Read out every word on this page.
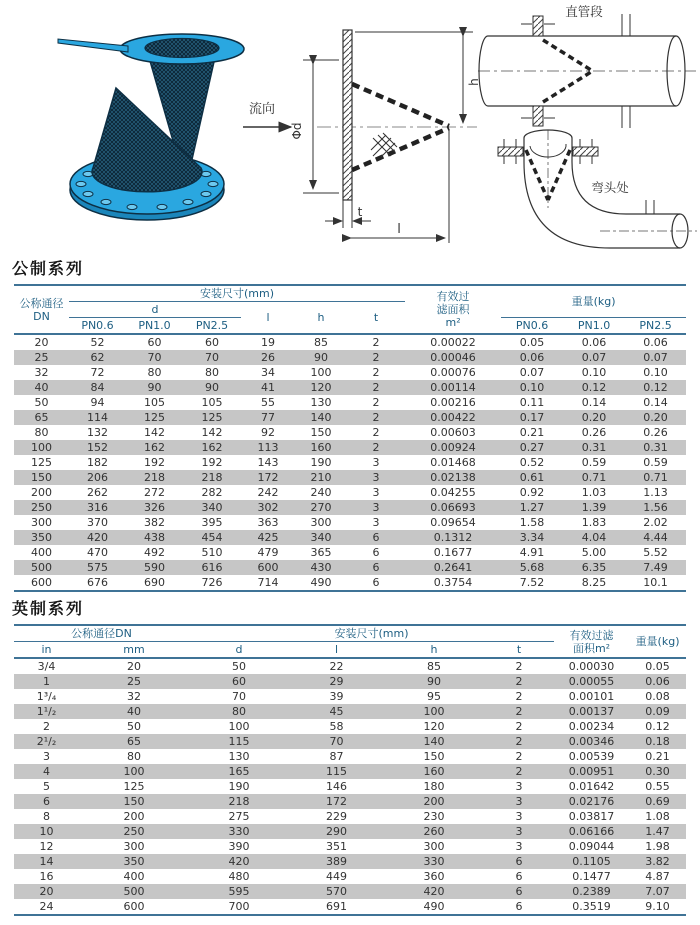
流向
Φd
h
t
l
直管段
弯头处
公制系列
公称通径
DN
	安装尺寸(mm)	有效过
滤面积
m²
	重量(kg)
	d			l	h	t				
	PN0.6	PN1.0	PN2.5					PN0.6	PN1.0	PN2.5
20	52	60	60	19	85	2	0.00022	0.05	0.06	0.06
25	62	70	70	26	90	2	0.00046	0.06	0.07	0.07
32	72	80	80	34	100	2	0.00076	0.07	0.10	0.10
40	84	90	90	41	120	2	0.00114	0.10	0.12	0.12
50	94	105	105	55	130	2	0.00216	0.11	0.14	0.14
65	114	125	125	77	140	2	0.00422	0.17	0.20	0.20
80	132	142	142	92	150	2	0.00603	0.21	0.26	0.26
100	152	162	162	113	160	2	0.00924	0.27	0.31	0.31
125	182	192	192	143	190	3	0.01468	0.52	0.59	0.59
150	206	218	218	172	210	3	0.02138	0.61	0.71	0.71
200	262	272	282	242	240	3	0.04255	0.92	1.03	1.13
250	316	326	340	302	270	3	0.06693	1.27	1.39	1.56
300	370	382	395	363	300	3	0.09654	1.58	1.83	2.02
350	420	438	454	425	340	6	0.1312	3.34	4.04	4.44
400	470	492	510	479	365	6	0.1677	4.91	5.00	5.52
500	575	590	616	600	430	6	0.2641	5.68	6.35	7.49
600	676	690	726	714	490	6	0.3754	7.52	8.25	10.1
英制系列
公称通径DN		安装尺寸(mm)				有效过滤
面积m²	重量(kg)
in	mm	d	l	h	t		
3/4	20	50	22	85	2	0.00030	0.05
1	25	60	29	90	2	0.00055	0.06
1³/₄	32	70	39	95	2	0.00101	0.08
1¹/₂	40	80	45	100	2	0.00137	0.09
2	50	100	58	120	2	0.00234	0.12
2¹/₂	65	115	70	140	2	0.00346	0.18
3	80	130	87	150	2	0.00539	0.21
4	100	165	115	160	2	0.00951	0.30
5	125	190	146	180	3	0.01642	0.55
6	150	218	172	200	3	0.02176	0.69
8	200	275	229	230	3	0.03817	1.08
10	250	330	290	260	3	0.06166	1.47
12	300	390	351	300	3	0.09044	1.98
14	350	420	389	330	6	0.1105	3.82
16	400	480	449	360	6	0.1477	4.87
20	500	595	570	420	6	0.2389	7.07
24	600	700	691	490	6	0.3519	9.10
